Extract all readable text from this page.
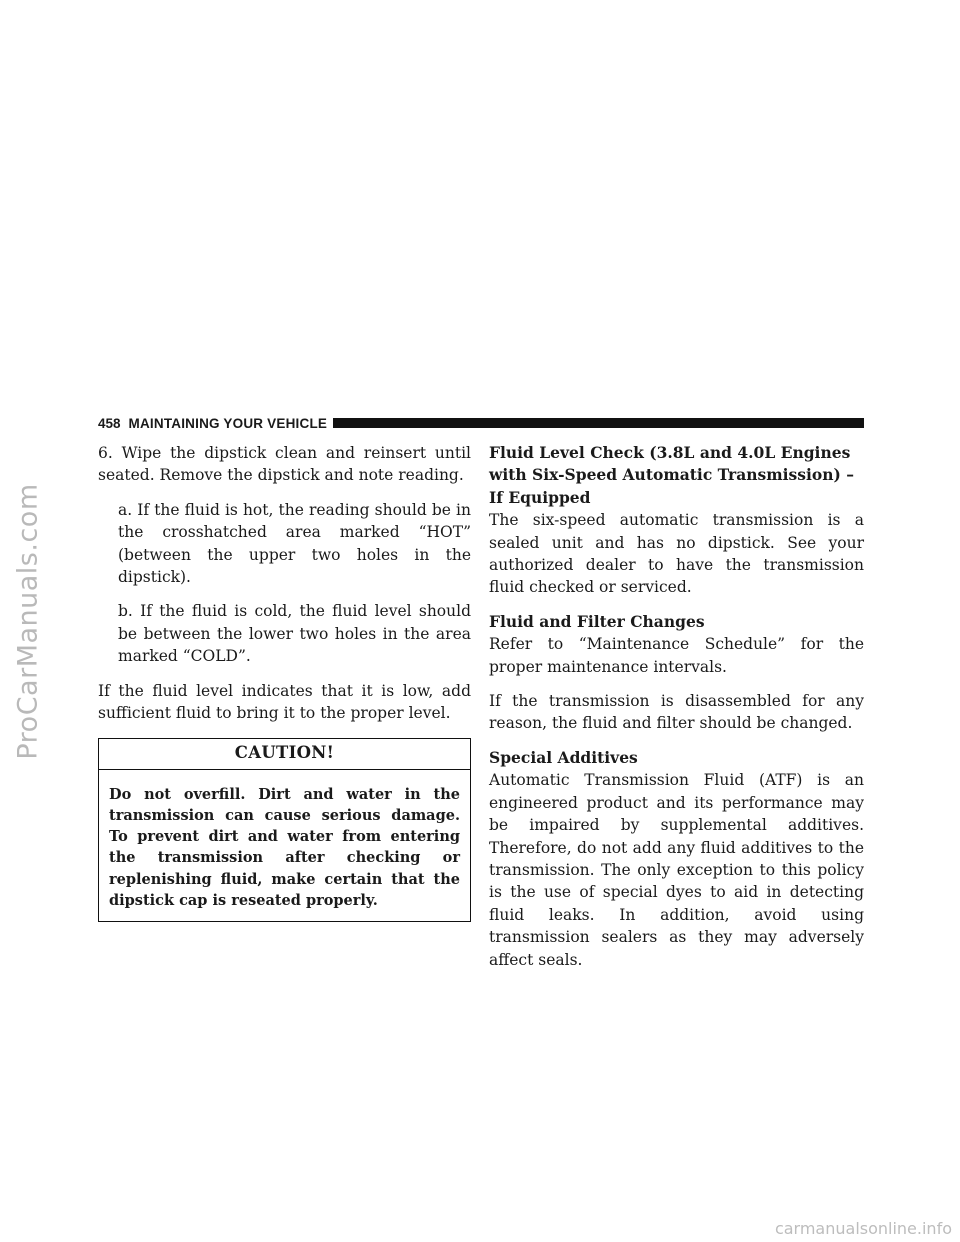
ProCarManuals.com
458 MAINTAINING YOUR VEHICLE

6. Wipe the dipstick clean and reinsert until seated. Remove the dipstick and note reading.

a. If the fluid is hot, the reading should be in the crosshatched area marked “HOT” (between the upper two holes in the dipstick).

b. If the fluid is cold, the fluid level should be between the lower two holes in the area marked “COLD”.

If the fluid level indicates that it is low, add sufficient fluid to bring it to the proper level.

CAUTION!
Do not overfill. Dirt and water in the transmission can cause serious damage. To prevent dirt and water from entering the transmission after checking or replenishing fluid, make certain that the dipstick cap is reseated properly.
Fluid Level Check (3.8L and 4.0L Engines with Six-Speed Automatic Transmission) – If Equipped

The six-speed automatic transmission is a sealed unit and has no dipstick. See your authorized dealer to have the transmission fluid checked or serviced.

Fluid and Filter Changes

Refer to “Maintenance Schedule” for the proper maintenance intervals.

If the transmission is disassembled for any reason, the fluid and filter should be changed.

Special Additives

Automatic Transmission Fluid (ATF) is an engineered product and its performance may be impaired by supplemental additives. Therefore, do not add any fluid additives to the transmission. The only exception to this policy is the use of special dyes to aid in detecting fluid leaks. In addition, avoid using transmission sealers as they may adversely affect seals.

carmanualsonline.info
